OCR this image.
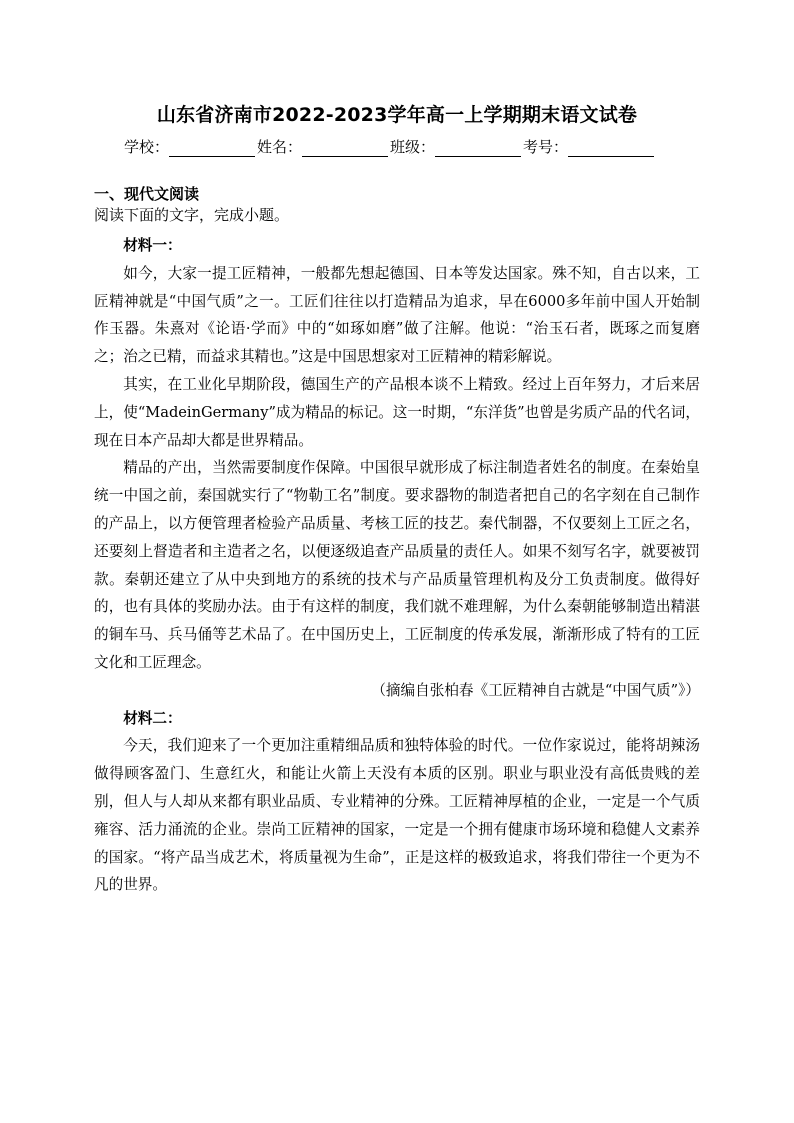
山东省济南市2022-2023学年高一上学期期末语文试卷
学校：	姓名：	班级：	考号：
一、现代文阅读
阅读下面的文字，完成小题。

材料一：

如今，大家一提工匠精神，一般都先想起德国、日本等发达国家。殊不知，自古以来，工匠精神就是“中国气质”之一。工匠们往往以打造精品为追求，早在6000多年前中国人开始制作玉器。朱熹对《论语·学而》中的“如琢如磨”做了注解。他说：“治玉石者，既琢之而复磨之；治之已精，而益求其精也。”这是中国思想家对工匠精神的精彩解说。

其实，在工业化早期阶段，德国生产的产品根本谈不上精致。经过上百年努力，才后来居上，使“MadeinGermany”成为精品的标记。这一时期，“东洋货”也曾是劣质产品的代名词，现在日本产品却大都是世界精品。

精品的产出，当然需要制度作保障。中国很早就形成了标注制造者姓名的制度。在秦始皇统一中国之前，秦国就实行了“物勒工名”制度。要求器物的制造者把自己的名字刻在自己制作的产品上，以方便管理者检验产品质量、考核工匠的技艺。秦代制器，不仅要刻上工匠之名，还要刻上督造者和主造者之名，以便逐级追查产品质量的责任人。如果不刻写名字，就要被罚款。秦朝还建立了从中央到地方的系统的技术与产品质量管理机构及分工负责制度。做得好的，也有具体的奖励办法。由于有这样的制度，我们就不难理解，为什么秦朝能够制造出精湛的铜车马、兵马俑等艺术品了。在中国历史上，工匠制度的传承发展，渐渐形成了特有的工匠文化和工匠理念。

（摘编自张柏春《工匠精神自古就是“中国气质”》）

材料二：

今天，我们迎来了一个更加注重精细品质和独特体验的时代。一位作家说过，能将胡辣汤做得顾客盈门、生意红火，和能让火箭上天没有本质的区别。职业与职业没有高低贵贱的差别，但人与人却从来都有职业品质、专业精神的分殊。工匠精神厚植的企业，一定是一个气质雍容、活力涌流的企业。崇尚工匠精神的国家，一定是一个拥有健康市场环境和稳健人文素养的国家。“将产品当成艺术，将质量视为生命”，正是这样的极致追求，将我们带往一个更为不凡的世界。
